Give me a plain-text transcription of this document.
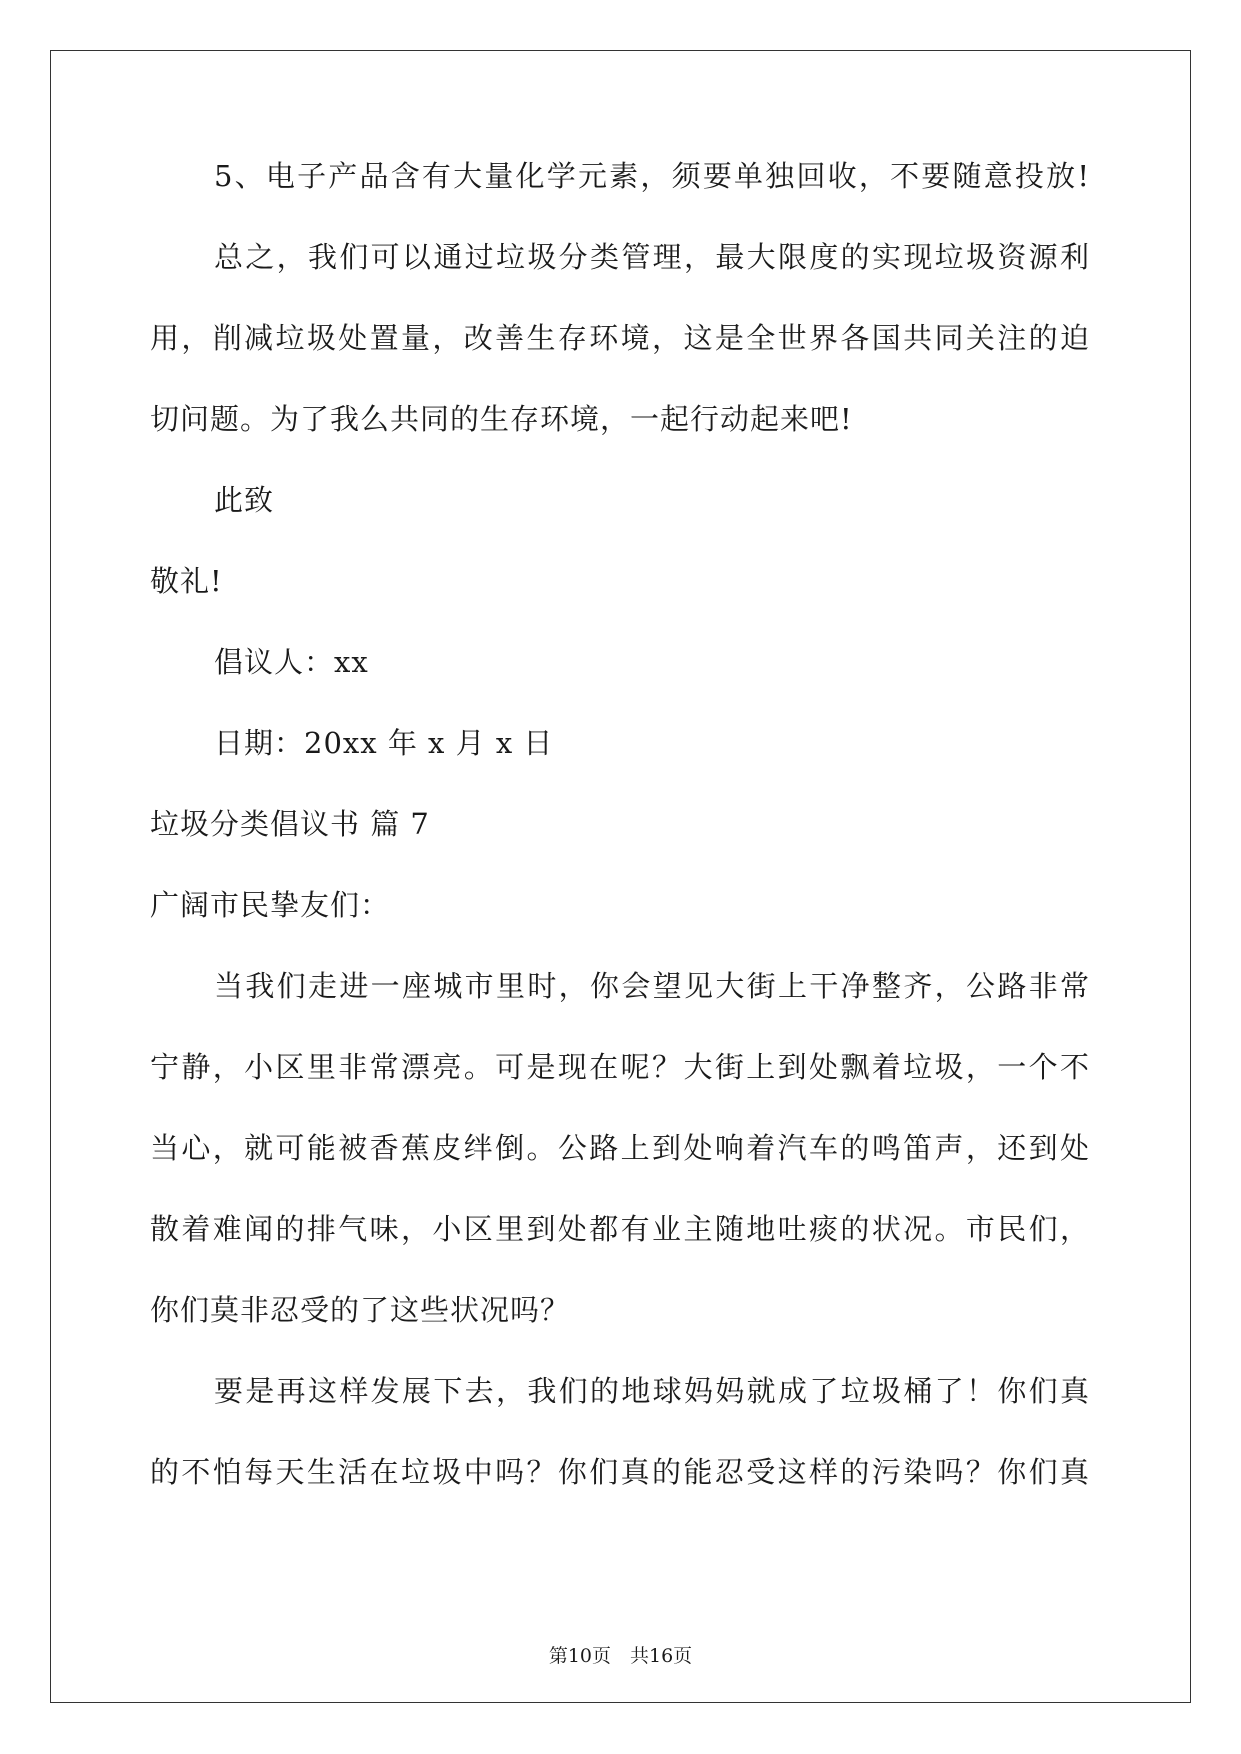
5、电子产品含有大量化学元素，须要单独回收，不要随意投放!
总之，我们可以通过垃圾分类管理，最大限度的实现垃圾资源利
用，削减垃圾处置量，改善生存环境，这是全世界各国共同关注的迫
切问题。为了我么共同的生存环境，一起行动起来吧!
此致
敬礼!
倡议人：xx
日期：20xx 年 x 月 x 日
垃圾分类倡议书 篇 7
广阔市民挚友们：
当我们走进一座城市里时，你会望见大街上干净整齐，公路非常
宁静，小区里非常漂亮。可是现在呢？大街上到处飘着垃圾，一个不
当心，就可能被香蕉皮绊倒。公路上到处响着汽车的鸣笛声，还到处
散着难闻的排气味，小区里到处都有业主随地吐痰的状况。市民们，
你们莫非忍受的了这些状况吗？
要是再这样发展下去，我们的地球妈妈就成了垃圾桶了！你们真
的不怕每天生活在垃圾中吗？你们真的能忍受这样的污染吗？你们真
第10页　共16页
